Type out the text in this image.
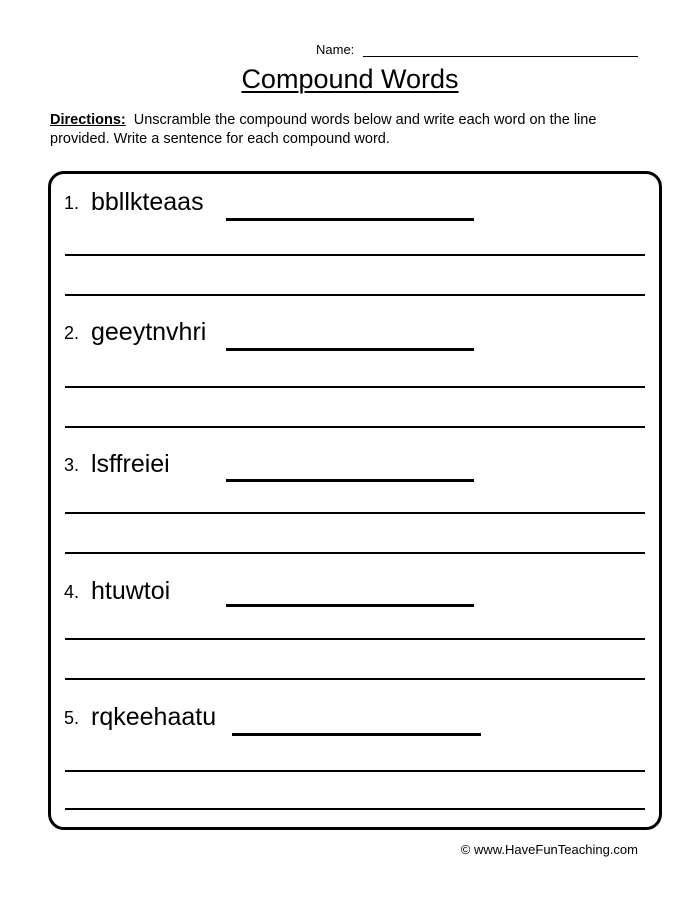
Name:
Compound Words
Directions: Unscramble the compound words below and write each word on the line provided. Write a sentence for each compound word.
1. bbllkteaas
2. geeytnvhri
3. lsffreiei
4. htuwtoi
5. rqkeehaatu
© www.HaveFunTeaching.com
